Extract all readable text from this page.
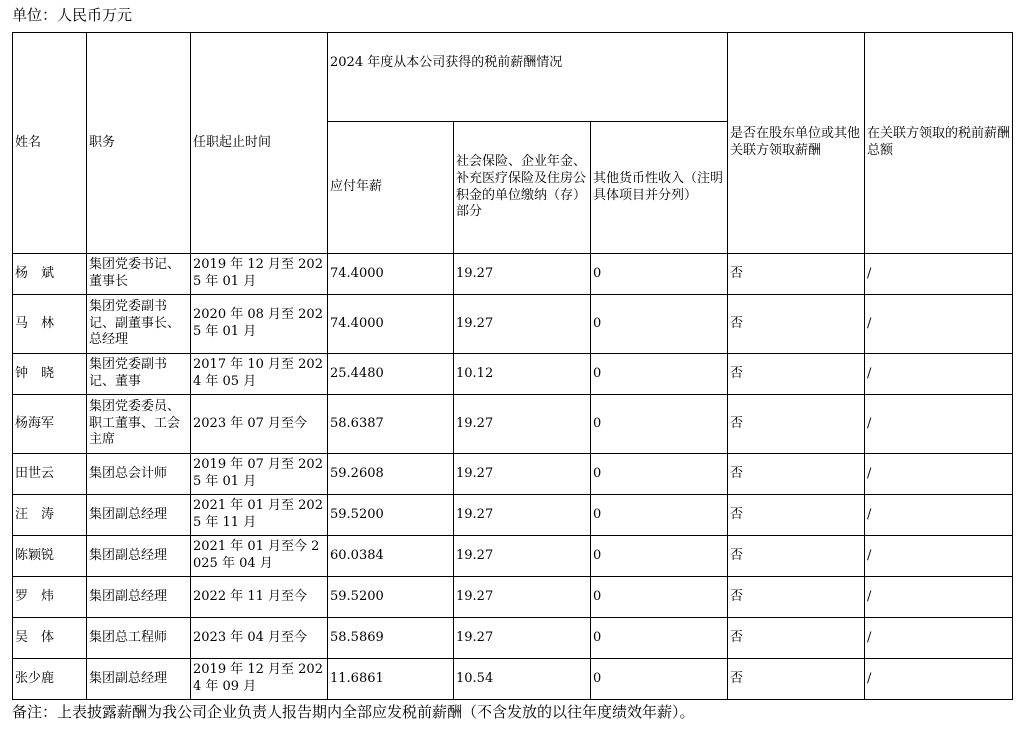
单位：人民币万元
姓名	职务	任职起止时间	2024 年度从本公司获得的税前薪酬情况			是否在股东单位或其他关联方领取薪酬	在关联方领取的税前薪酬总额
			应付年薪	社会保险、企业年金、补充医疗保险及住房公积金的单位缴纳（存）部分	其他货币性收入（注明具体项目并分列）		
杨　斌	集团党委书记、董事长	2019 年 12 月至 2025 年 01 月	74.4000	19.27	0	否	/
马　林	集团党委副书记、副董事长、总经理	2020 年 08 月至 2025 年 01 月	74.4000	19.27	0	否	/
钟　晓	集团党委副书记、董事	2017 年 10 月至 2024 年 05 月	25.4480	10.12	0	否	/
杨海军	集团党委委员、职工董事、工会主席	2023 年 07 月至今	58.6387	19.27	0	否	/
田世云	集团总会计师	2019 年 07 月至 2025 年 01 月	59.2608	19.27	0	否	/
汪　涛	集团副总经理	2021 年 01 月至 2025 年 11 月	59.5200	19.27	0	否	/
陈颖锐	集团副总经理	2021 年 01 月至今 2025 年 04 月	60.0384	19.27	0	否	/
罗　炜	集团副总经理	2022 年 11 月至今	59.5200	19.27	0	否	/
吴　体	集团总工程师	2023 年 04 月至今	58.5869	19.27	0	否	/
张少鹿	集团副总经理	2019 年 12 月至 2024 年 09 月	11.6861	10.54	0	否	/
备注：上表披露薪酬为我公司企业负责人报告期内全部应发税前薪酬（不含发放的以往年度绩效年薪）。
